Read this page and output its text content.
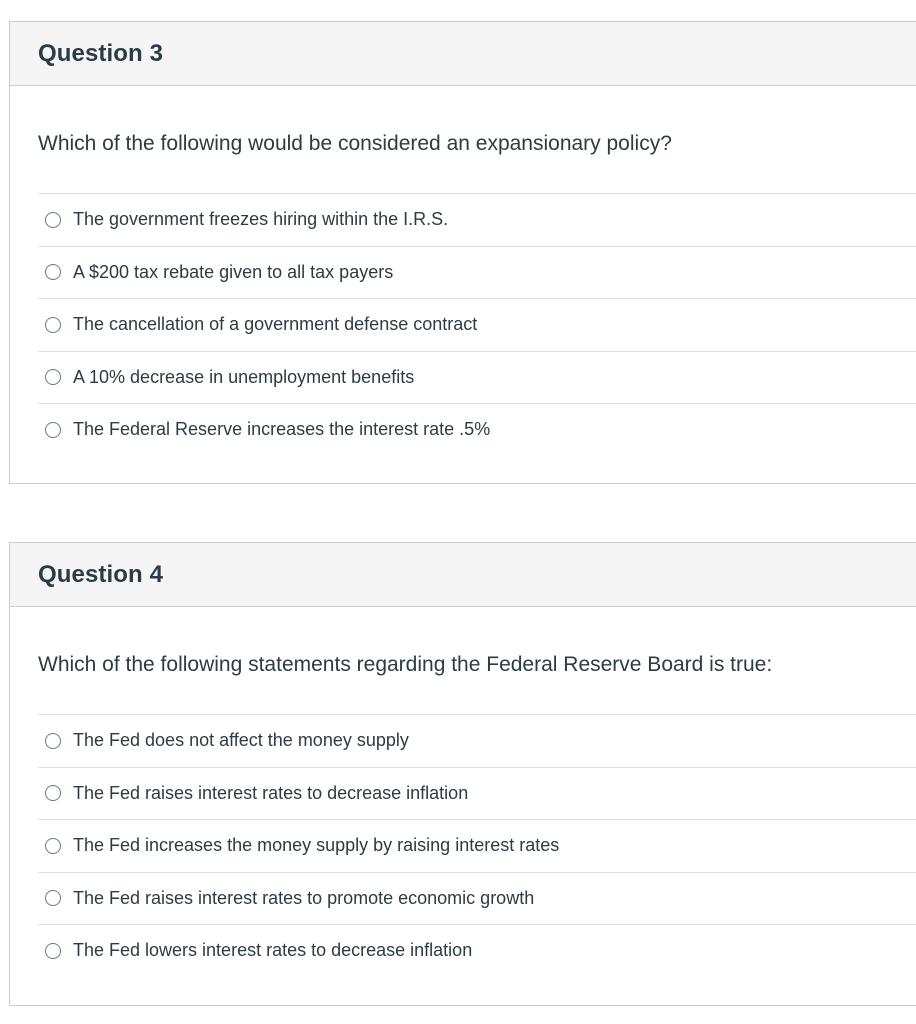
Question 3
Which of the following would be considered an expansionary policy?
The government freezes hiring within the I.R.S.
A $200 tax rebate given to all tax payers
The cancellation of a government defense contract
A 10% decrease in unemployment benefits
The Federal Reserve increases the interest rate .5%
Question 4
Which of the following statements regarding the Federal Reserve Board is true:
The Fed does not affect the money supply
The Fed raises interest rates to decrease inflation
The Fed increases the money supply by raising interest rates
The Fed raises interest rates to promote economic growth
The Fed lowers interest rates to decrease inflation
